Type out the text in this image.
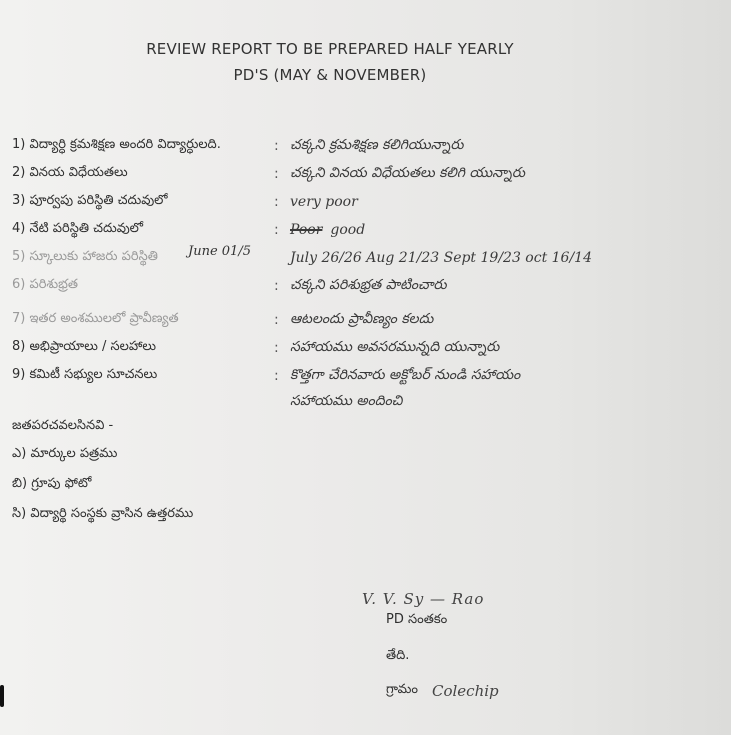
REVIEW REPORT TO BE PREPARED HALF YEARLY
PD'S (MAY & NOVEMBER)
1) విద్యార్ధి క్రమశిక్షణ అందరి విద్యార్ధులది.	: చక్కని క్రమశిక్షణ కలిగియున్నారు
2) వినయ విధేయతలు	: చక్కని వినయ విధేయతలు కలిగి యున్నారు
3) పూర్వపు పరిస్థితి చదువులో	: very poor
4) నేటి పరిస్థితి చదువులో	: Poor good
5) స్కూలుకు హాజరు పరిస్థితి	July 26/26 Aug 21/23 Sept 19/23 oct 16/14
6) పరిశుభ్రత	: చక్కని పరిశుభ్రత పాటించారు
7) ఇతర అంశములలో ప్రావీణ్యత	: ఆటలందు ప్రావీణ్యం కలదు
8) అభిప్రాయాలు / సలహాలు	: సహాయము అవసరమున్నది యున్నారు
9) కమిటీ సభ్యుల సూచనలు	: కొత్తగా చేరినవారు అక్టోబర్ నుండి సహాయం
సహాయము అందించి
June 01/5
జతపరచవలసినవి -
ఎ) మార్కుల పత్రము
బి) గ్రూపు ఫోటో
సి) విద్యార్థి సంస్థకు వ్రాసిన ఉత్తరము
V. V. Sy — Rao
PD సంతకం
తేది.
గ్రామం Colechip
